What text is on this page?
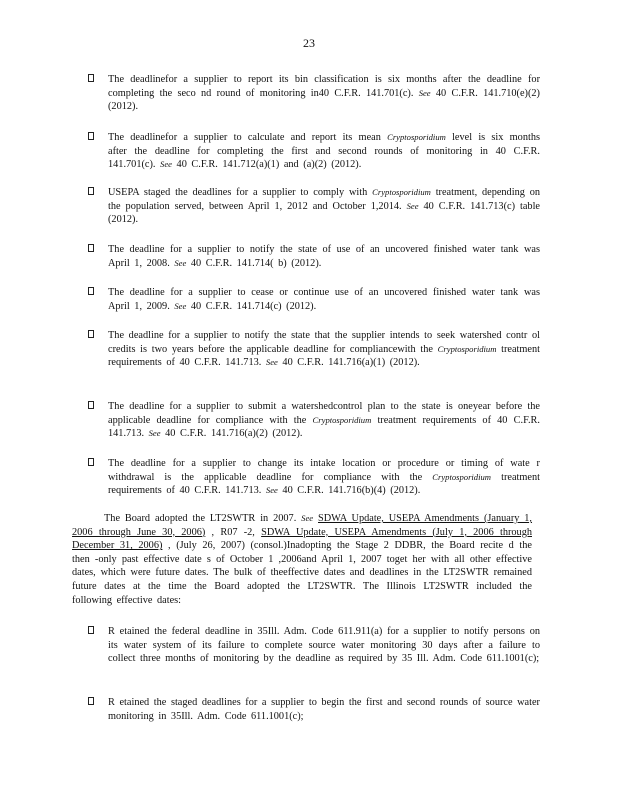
23
The deadlinefor a supplier to report its bin classification is six months after the deadline for completing the seco nd round of monitoring in40 C.F.R. 141.701(c). See 40 C.F.R. 141.710(e)(2) (2012).
The deadlinefor a supplier to calculate and report its mean Cryptosporidium level is six months after the deadline for completing the first and second rounds of monitoring in 40 C.F.R. 141.701(c). See 40 C.F.R. 141.712(a)(1) and (a)(2) (2012).
USEPA staged the deadlines for a supplier to comply with Cryptosporidium treatment, depending on the population served, between April 1, 2012 and October 1,2014. See 40 C.F.R. 141.713(c) table (2012).
The deadline for a supplier to notify the state of use of an uncovered finished water tank was April 1, 2008. See 40 C.F.R. 141.714( b) (2012).
The deadline for a supplier to cease or continue use of an uncovered finished water tank was April 1, 2009. See 40 C.F.R. 141.714(c) (2012).
The deadline for a supplier to notify the state that the supplier intends to seek watershed contr ol credits is two years before the applicable deadline for compliancewith the Cryptosporidium treatment requirements of 40 C.F.R. 141.713. See 40 C.F.R. 141.716(a)(1) (2012).
The deadline for a supplier to submit a watershedcontrol plan to the state is oneyear before the applicable deadline for compliance with the Cryptosporidium treatment requirements of 40 C.F.R. 141.713. See 40 C.F.R. 141.716(a)(2) (2012).
The deadline for a supplier to change its intake location or procedure or timing of wate r withdrawal is the applicable deadline for compliance with the Cryptosporidium treatment requirements of 40 C.F.R. 141.713. See 40 C.F.R. 141.716(b)(4) (2012).
The Board adopted the LT2SWTR in 2007. See SDWA Update, USEPA Amendments (January 1, 2006 through June 30, 2006) , R07 -2, SDWA Update, USEPA Amendments (July 1, 2006 through December 31, 2006) , (July 26, 2007) (consol.)Inadopting the Stage 2 DDBR, the Board recite d the then -only past effective date s of October 1 ,2006and April 1, 2007 toget her with all other effective dates, which were future dates. The bulk of theeffective dates and deadlines in the LT2SWTR remained future dates at the time the Board adopted the LT2SWTR. The Illinois LT2SWTR included the following effective dates:
R etained the federal deadline in 35Ill. Adm. Code 611.911(a) for a supplier to notify persons on its water system of its failure to complete source water monitoring 30 days after a failure to collect three months of monitoring by the deadline as required by 35 Ill. Adm. Code 611.1001(c);
R etained the staged deadlines for a supplier to begin the first and second rounds of source water monitoring in 35Ill. Adm. Code 611.1001(c);
